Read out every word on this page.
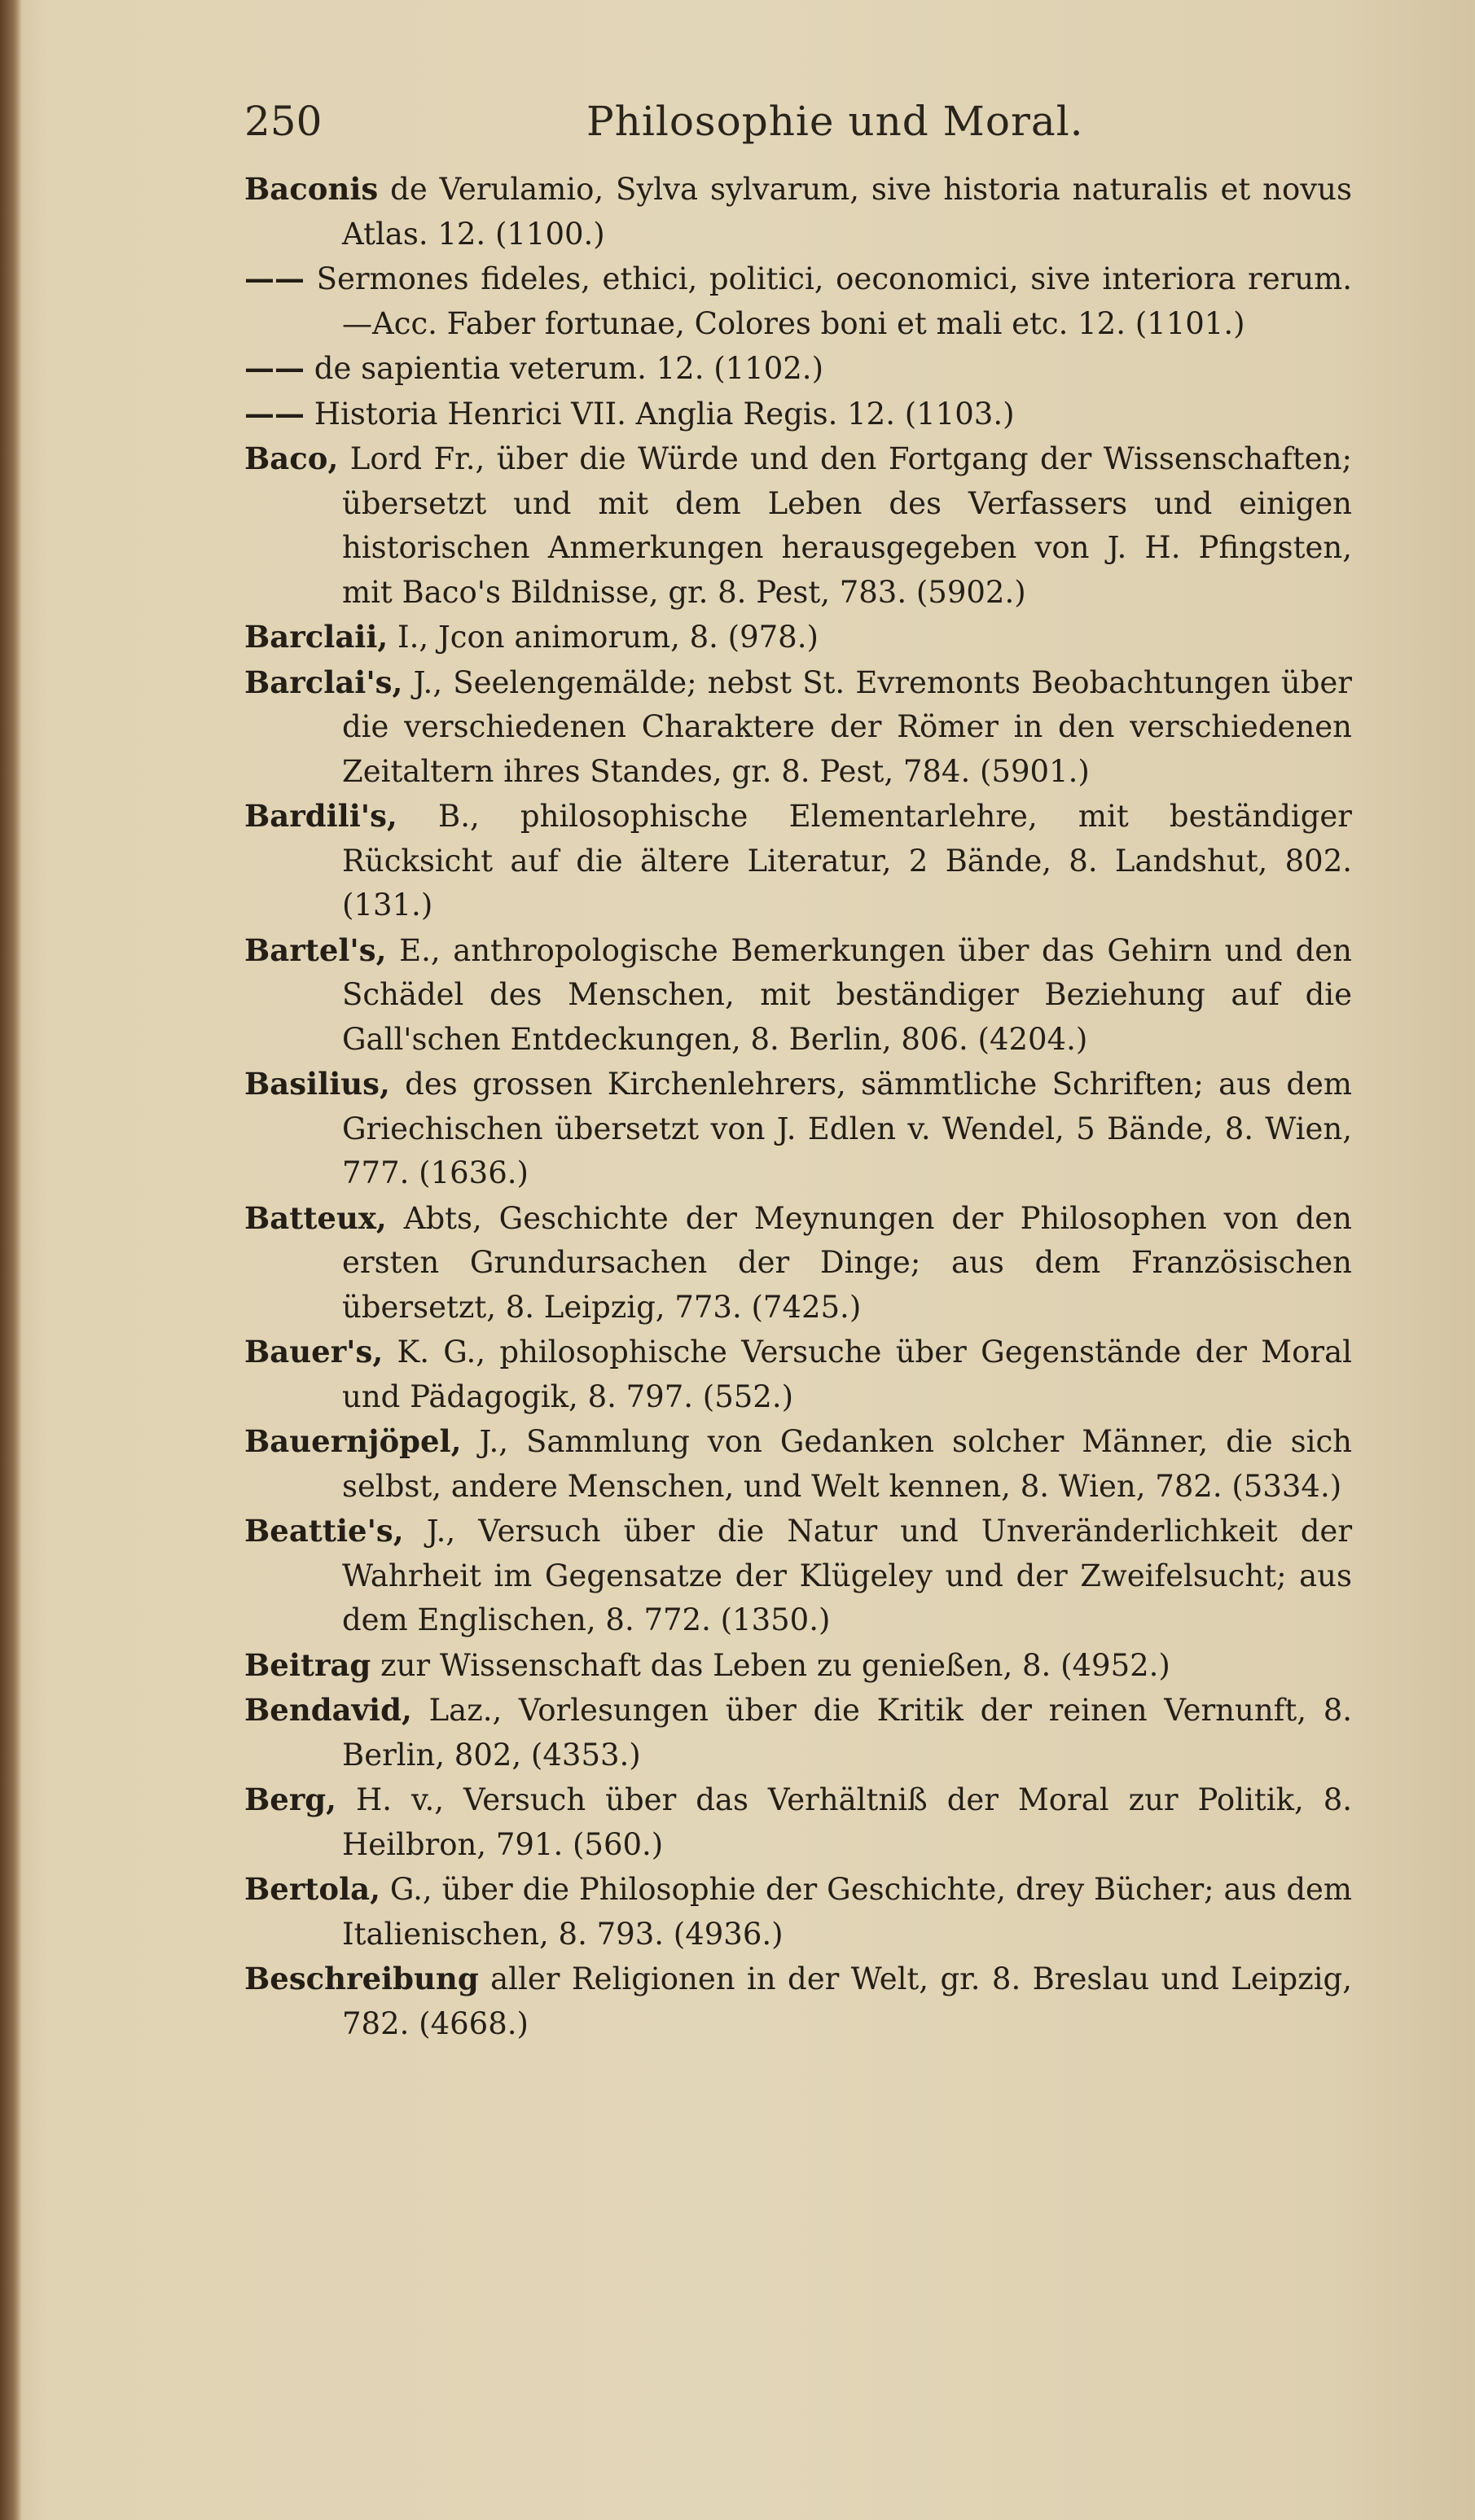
250	Philosophie und Moral.

Baconis de Verulamio, Sylva sylvarum, sive historia naturalis et novus Atlas. 12. (1100.)

—— Sermones fideles, ethici, politici, oeconomici, sive interiora rerum. —Acc. Faber fortunae, Colores boni et mali etc. 12. (1101.)

—— de sapientia veterum. 12. (1102.)

—— Historia Henrici VII. Anglia Regis. 12. (1103.)

Baco, Lord Fr., über die Würde und den Fortgang der Wissenschaften; übersetzt und mit dem Leben des Verfassers und einigen historischen Anmerkungen herausgegeben von J. H. Pfingsten, mit Baco's Bildnisse, gr. 8. Pest, 783. (5902.)

Barclaii, I., Jcon animorum, 8. (978.)

Barclai's, J., Seelengemälde; nebst St. Evremonts Beobachtungen über die verschiedenen Charaktere der Römer in den verschiedenen Zeitaltern ihres Standes, gr. 8. Pest, 784. (5901.)

Bardili's, B., philosophische Elementarlehre, mit beständiger Rücksicht auf die ältere Literatur, 2 Bände, 8. Landshut, 802. (131.)

Bartel's, E., anthropologische Bemerkungen über das Gehirn und den Schädel des Menschen, mit beständiger Beziehung auf die Gall'schen Entdeckungen, 8. Berlin, 806. (4204.)

Basilius, des grossen Kirchenlehrers, sämmtliche Schriften; aus dem Griechischen übersetzt von J. Edlen v. Wendel, 5 Bände, 8. Wien, 777. (1636.)

Batteux, Abts, Geschichte der Meynungen der Philosophen von den ersten Grundursachen der Dinge; aus dem Französischen übersetzt, 8. Leipzig, 773. (7425.)

Bauer's, K. G., philosophische Versuche über Gegenstände der Moral und Pädagogik, 8. 797. (552.)

Bauernjöpel, J., Sammlung von Gedanken solcher Männer, die sich selbst, andere Menschen, und Welt kennen, 8. Wien, 782. (5334.)

Beattie's, J., Versuch über die Natur und Unveränderlichkeit der Wahrheit im Gegensatze der Klügeley und der Zweifelsucht; aus dem Englischen, 8. 772. (1350.)

Beitrag zur Wissenschaft das Leben zu genießen, 8. (4952.)

Bendavid, Laz., Vorlesungen über die Kritik der reinen Vernunft, 8. Berlin, 802, (4353.)

Berg, H. v., Versuch über das Verhältniß der Moral zur Politik, 8. Heilbron, 791. (560.)

Bertola, G., über die Philosophie der Geschichte, drey Bücher; aus dem Italienischen, 8. 793. (4936.)

Beschreibung aller Religionen in der Welt, gr. 8. Breslau und Leipzig, 782. (4668.)
